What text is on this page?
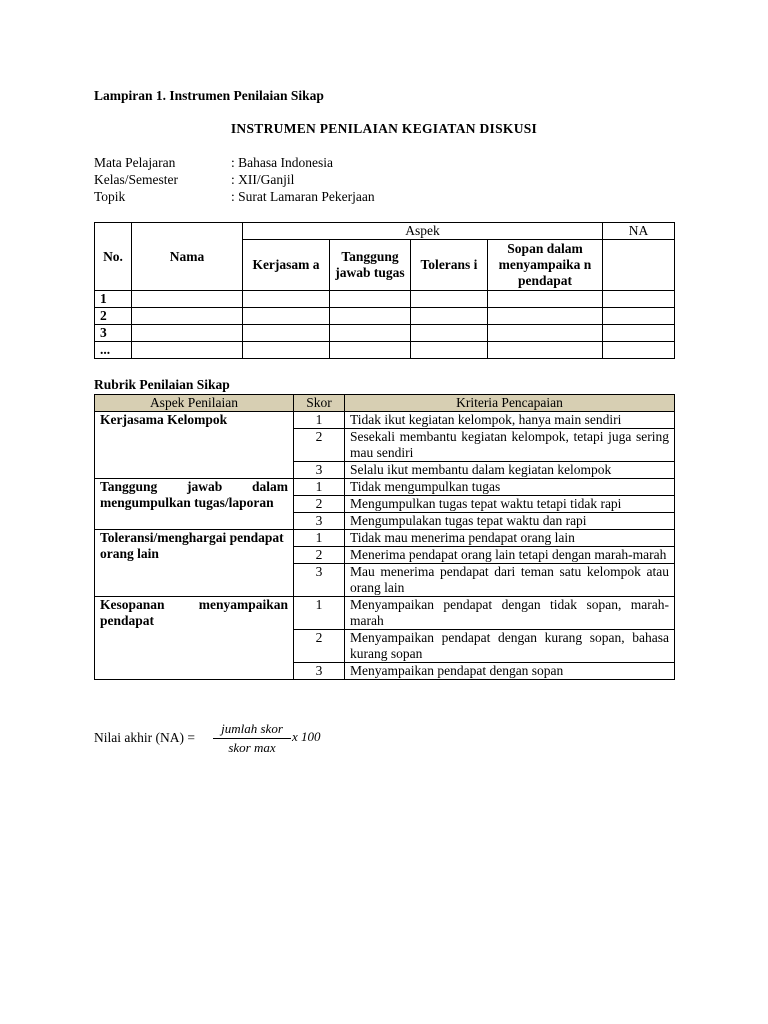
Lampiran 1. Instrumen Penilaian Sikap
INSTRUMEN PENILAIAN KEGIATAN DISKUSI
Mata Pelajaran	: Bahasa Indonesia
Kelas/Semester	: XII/Ganjil
Topik	: Surat Lamaran Pekerjaan
No.	Nama	Aspek				NA
		Kerjasam a	Tanggung jawab tugas	Tolerans i	Sopan dalam menyampaika n pendapat	
1						
2						
3						
...						
Rubrik Penilaian Sikap
Aspek Penilaian	Skor	Kriteria Pencapaian
Kerjasama Kelompok	1	Tidak ikut kegiatan kelompok, hanya main sendiri
	2	Sesekali membantu kegiatan kelompok, tetapi juga sering mau sendiri
	3	Selalu ikut membantu dalam kegiatan kelompok
Tanggung jawab dalam mengumpulkan tugas/laporan	1	Tidak mengumpulkan tugas
	2	Mengumpulkan tugas tepat waktu tetapi tidak rapi
	3	Mengumpulakan tugas tepat waktu dan rapi
Toleransi/menghargai pendapat orang lain	1	Tidak mau menerima pendapat orang lain
	2	Menerima pendapat orang lain tetapi dengan marah-marah
	3	Mau menerima pendapat dari teman satu kelompok atau orang lain
Kesopanan menyampaikan pendapat	1	Menyampaikan pendapat dengan tidak sopan, marah-marah
	2	Menyampaikan pendapat dengan kurang sopan, bahasa kurang sopan
	3	Menyampaikan pendapat dengan sopan
Nilai akhir (NA) =
jumlah skor
skor max
x 100
